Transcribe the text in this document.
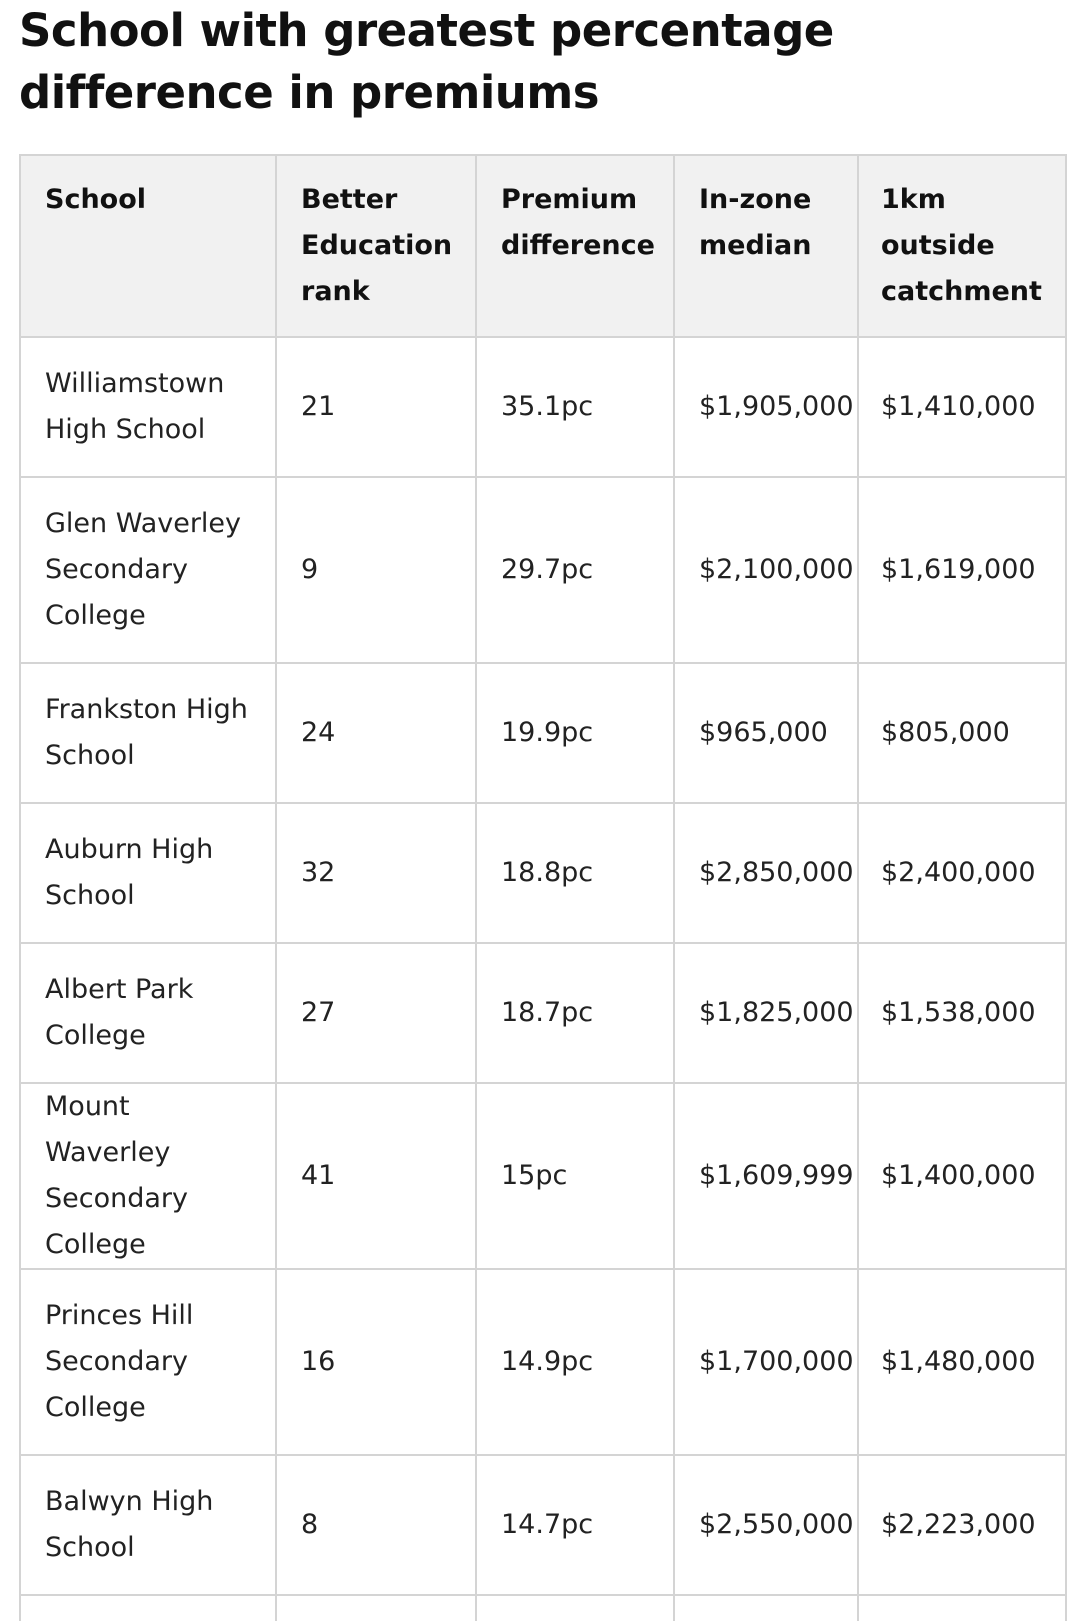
School with greatest percentage difference in premiums
School	Better Education rank	Premium difference	In-zone median	1km outside catchment
Williamstown High School	21	35.1pc	$1,905,000	$1,410,000
Glen Waverley Secondary College	9	29.7pc	$2,100,000	$1,619,000
Frankston High School	24	19.9pc	$965,000	$805,000
Auburn High School	32	18.8pc	$2,850,000	$2,400,000
Albert Park College	27	18.7pc	$1,825,000	$1,538,000
Mount Waverley Secondary College	41	15pc	$1,609,999	$1,400,000
Princes Hill Secondary College	16	14.9pc	$1,700,000	$1,480,000
Balwyn High School	8	14.7pc	$2,550,000	$2,223,000
